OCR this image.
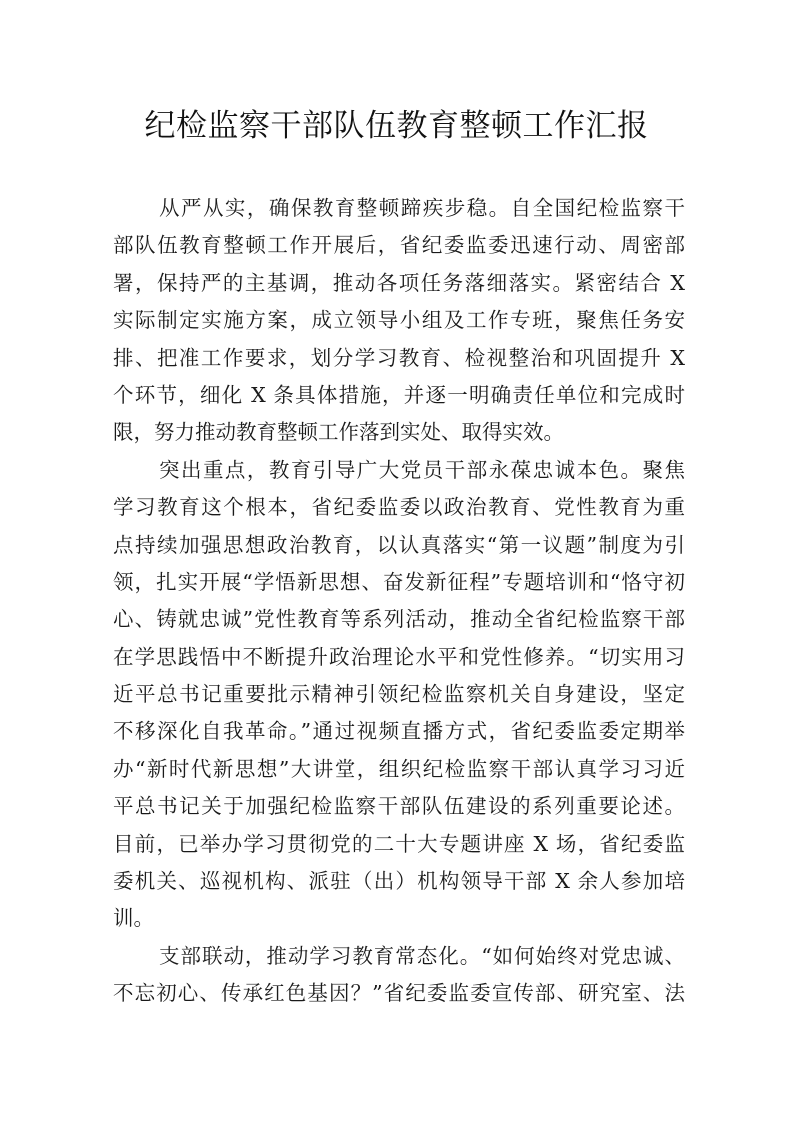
纪检监察干部队伍教育整顿工作汇报
从严从实，确保教育整顿蹄疾步稳。自全国纪检监察干
部队伍教育整顿工作开展后，省纪委监委迅速行动、周密部
署，保持严的主基调，推动各项任务落细落实。紧密结合 X
实际制定实施方案，成立领导小组及工作专班，聚焦任务安
排、把准工作要求，划分学习教育、检视整治和巩固提升 X
个环节，细化 X 条具体措施，并逐一明确责任单位和完成时
限，努力推动教育整顿工作落到实处、取得实效。
突出重点，教育引导广大党员干部永葆忠诚本色。聚焦
学习教育这个根本，省纪委监委以政治教育、党性教育为重
点持续加强思想政治教育，以认真落实“第一议题”制度为引
领，扎实开展“学悟新思想、奋发新征程”专题培训和“恪守初
心、铸就忠诚”党性教育等系列活动，推动全省纪检监察干部
在学思践悟中不断提升政治理论水平和党性修养。“切实用习
近平总书记重要批示精神引领纪检监察机关自身建设，坚定
不移深化自我革命。”通过视频直播方式，省纪委监委定期举
办“新时代新思想”大讲堂，组织纪检监察干部认真学习习近
平总书记关于加强纪检监察干部队伍建设的系列重要论述。
目前，已举办学习贯彻党的二十大专题讲座 X 场，省纪委监
委机关、巡视机构、派驻（出）机构领导干部 X 余人参加培
训。
支部联动，推动学习教育常态化。“如何始终对党忠诚、
不忘初心、传承红色基因？”省纪委监委宣传部、研究室、法
